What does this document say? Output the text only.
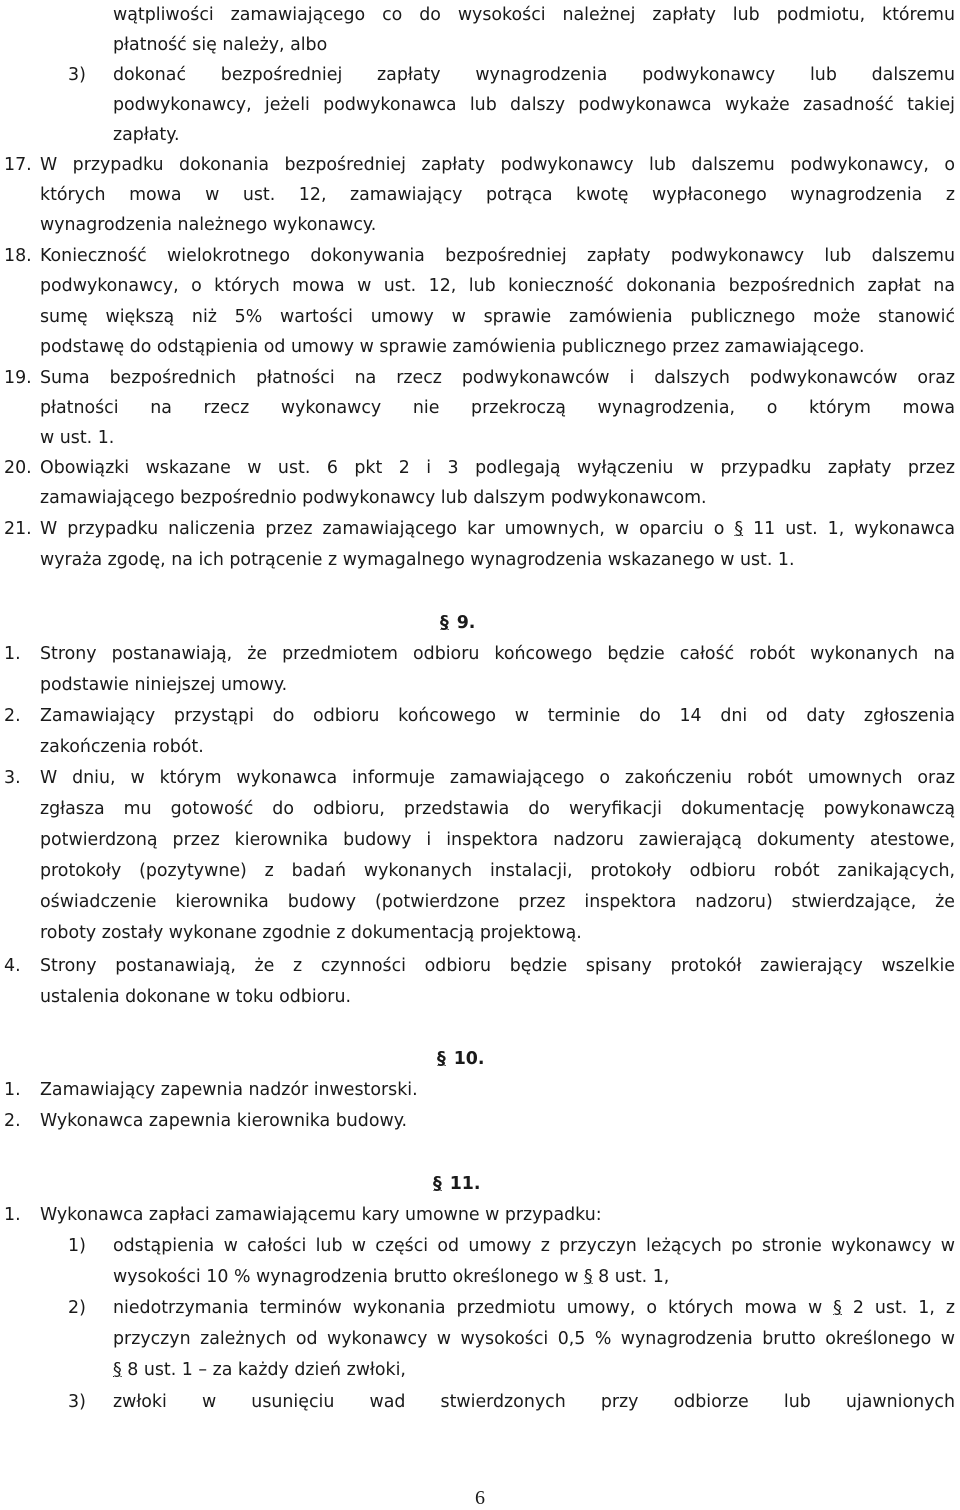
wątpliwości zamawiającego co do wysokości należnej zapłaty lub podmiotu, któremu
płatność się należy, albo
3) dokonać bezpośredniej zapłaty wynagrodzenia podwykonawcy lub dalszemu
podwykonawcy, jeżeli podwykonawca lub dalszy podwykonawca wykaże zasadność takiej
zapłaty.
17. W przypadku dokonania bezpośredniej zapłaty podwykonawcy lub dalszemu podwykonawcy, o
których mowa w ust. 12, zamawiający potrąca kwotę wypłaconego wynagrodzenia z
wynagrodzenia należnego wykonawcy.
18. Konieczność wielokrotnego dokonywania bezpośredniej zapłaty podwykonawcy lub dalszemu
podwykonawcy, o których mowa w ust. 12, lub konieczność dokonania bezpośrednich zapłat na
sumę większą niż 5% wartości umowy w sprawie zamówienia publicznego może stanowić
podstawę do odstąpienia od umowy w sprawie zamówienia publicznego przez zamawiającego.
19. Suma bezpośrednich płatności na rzecz podwykonawców i dalszych podwykonawców oraz
płatności na rzecz wykonawcy nie przekroczą wynagrodzenia, o którym mowa
w ust. 1.
20. Obowiązki wskazane w ust. 6 pkt 2 i 3 podlegają wyłączeniu w przypadku zapłaty przez
zamawiającego bezpośrednio podwykonawcy lub dalszym podwykonawcom.
21. W przypadku naliczenia przez zamawiającego kar umownych, w oparciu o § 11 ust. 1, wykonawca
wyraża zgodę, na ich potrącenie z wymagalnego wynagrodzenia wskazanego w ust. 1.
1. Strony postanawiają, że przedmiotem odbioru końcowego będzie całość robót wykonanych na
podstawie niniejszej umowy.
2. Zamawiający przystąpi do odbioru końcowego w terminie do 14 dni od daty zgłoszenia
zakończenia robót.
3. W dniu, w którym wykonawca informuje zamawiającego o zakończeniu robót umownych oraz
zgłasza mu gotowość do odbioru, przedstawia do weryfikacji dokumentację powykonawczą
potwierdzoną przez kierownika budowy i inspektora nadzoru zawierającą dokumenty atestowe,
protokoły (pozytywne) z badań wykonanych instalacji, protokoły odbioru robót zanikających,
oświadczenie kierownika budowy (potwierdzone przez inspektora nadzoru) stwierdzające, że
roboty zostały wykonane zgodnie z dokumentacją projektową.
4. Strony postanawiają, że z czynności odbioru będzie spisany protokół zawierający wszelkie
ustalenia dokonane w toku odbioru.
1. Zamawiający zapewnia nadzór inwestorski.
2. Wykonawca zapewnia kierownika budowy.
1. Wykonawca zapłaci zamawiającemu kary umowne w przypadku:
1) odstąpienia w całości lub w części od umowy z przyczyn leżących po stronie wykonawcy w
wysokości 10 % wynagrodzenia brutto określonego w § 8 ust. 1,
2) niedotrzymania terminów wykonania przedmiotu umowy, o których mowa w § 2 ust. 1, z
przyczyn zależnych od wykonawcy w wysokości 0,5 % wynagrodzenia brutto określonego w
§ 8 ust. 1 – za każdy dzień zwłoki,
3) zwłoki w usunięciu wad stwierdzonych przy odbiorze lub ujawnionych
§ 9.
§ 10.
§ 11.
6
